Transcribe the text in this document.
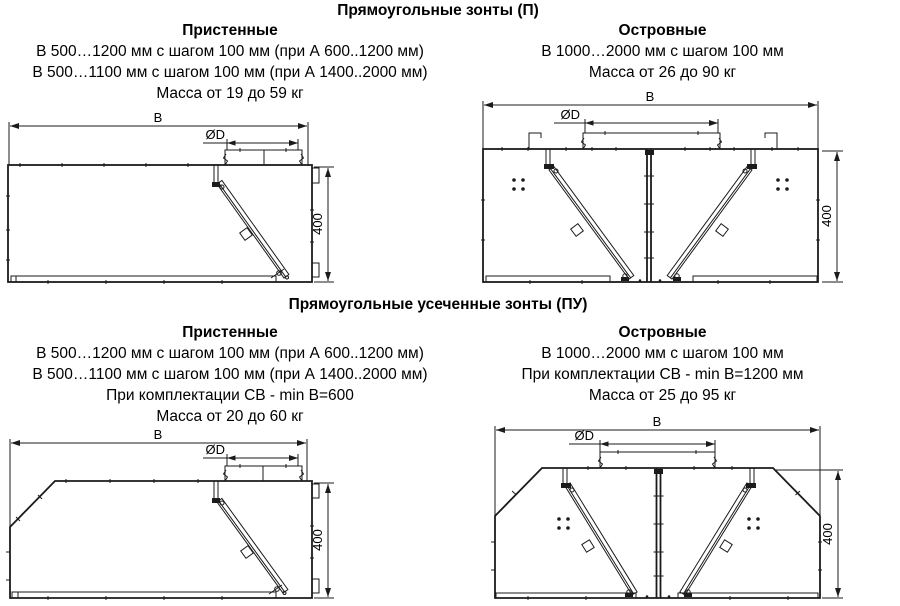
Прямоугольные зонты (П)
Пристенные
В 500…1200 мм с шагом 100 мм (при А 600..1200 мм)
В 500…1100 мм с шагом 100 мм (при А 1400..2000 мм)
Масса от 19 до 59 кг
Островные
В 1000…2000 мм с шагом 100 мм
Масса от 26 до 90 кг
В
ØD
400
В
ØD
400
Прямоугольные усеченные зонты (ПУ)
Пристенные
В 500…1200 мм с шагом 100 мм (при А 600..1200 мм)
В 500…1100 мм с шагом 100 мм (при А 1400..2000 мм)
При комплектации СВ - min В=600
Масса от 20 до 60 кг
Островные
В 1000…2000 мм с шагом 100 мм
При комплектации СВ - min В=1200 мм
Масса от 25 до 95 кг
В
ØD
400
В
ØD
400
